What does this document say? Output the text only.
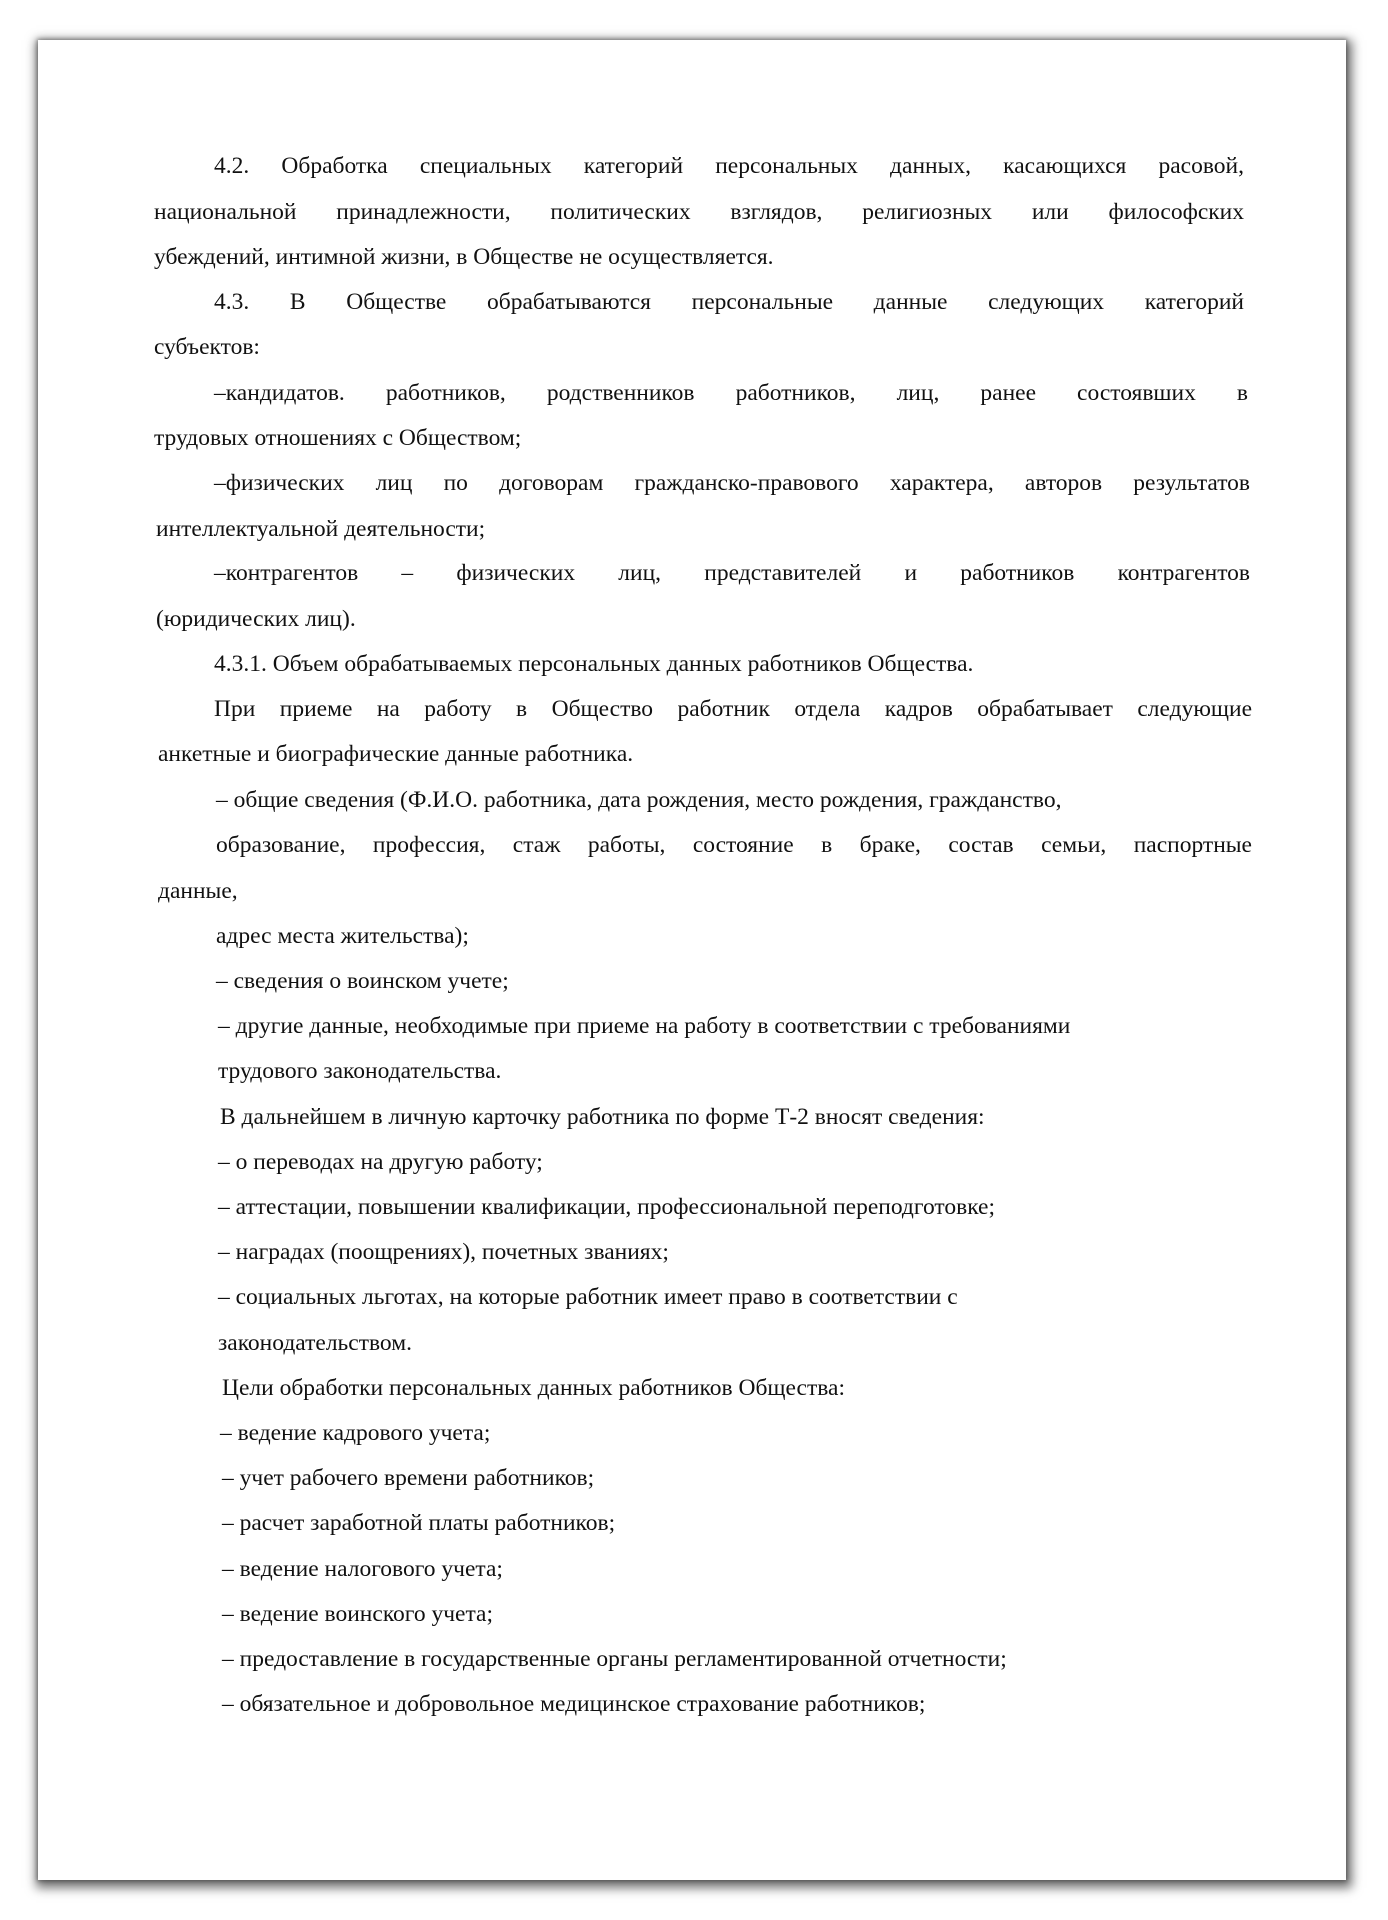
4.2. Обработка специальных категорий персональных данных, касающихся расовой,

национальной принадлежности, политических взглядов, религиозных или философских

убеждений, интимной жизни, в Обществе не осуществляется.

4.3. В Обществе обрабатываются персональные данные следующих категорий

субъектов:

–кандидатов. работников, родственников работников, лиц, ранее состоявших в

трудовых отношениях с Обществом;

–физических лиц по договорам гражданско-правового характера, авторов результатов

интеллектуальной деятельности;

–контрагентов – физических лиц, представителей и работников контрагентов

(юридических лиц).

4.3.1. Объем обрабатываемых персональных данных работников Общества.

При приеме на работу в Общество работник отдела кадров обрабатывает следующие

анкетные и биографические данные работника.

– общие сведения (Ф.И.О. работника, дата рождения, место рождения, гражданство,

образование, профессия, стаж работы, состояние в браке, состав семьи, паспортные

данные,

адрес места жительства);

– сведения о воинском учете;

– другие данные, необходимые при приеме на работу в соответствии с требованиями

трудового законодательства.

В дальнейшем в личную карточку работника по форме Т-2 вносят сведения:

– о переводах на другую работу;

– аттестации, повышении квалификации, профессиональной переподготовке;

– наградах (поощрениях), почетных званиях;

– социальных льготах, на которые работник имеет право в соответствии с

законодательством.

Цели обработки персональных данных работников Общества:

– ведение кадрового учета;

– учет рабочего времени работников;

– расчет заработной платы работников;

– ведение налогового учета;

– ведение воинского учета;

– предоставление в государственные органы регламентированной отчетности;

– обязательное и добровольное медицинское страхование работников;
